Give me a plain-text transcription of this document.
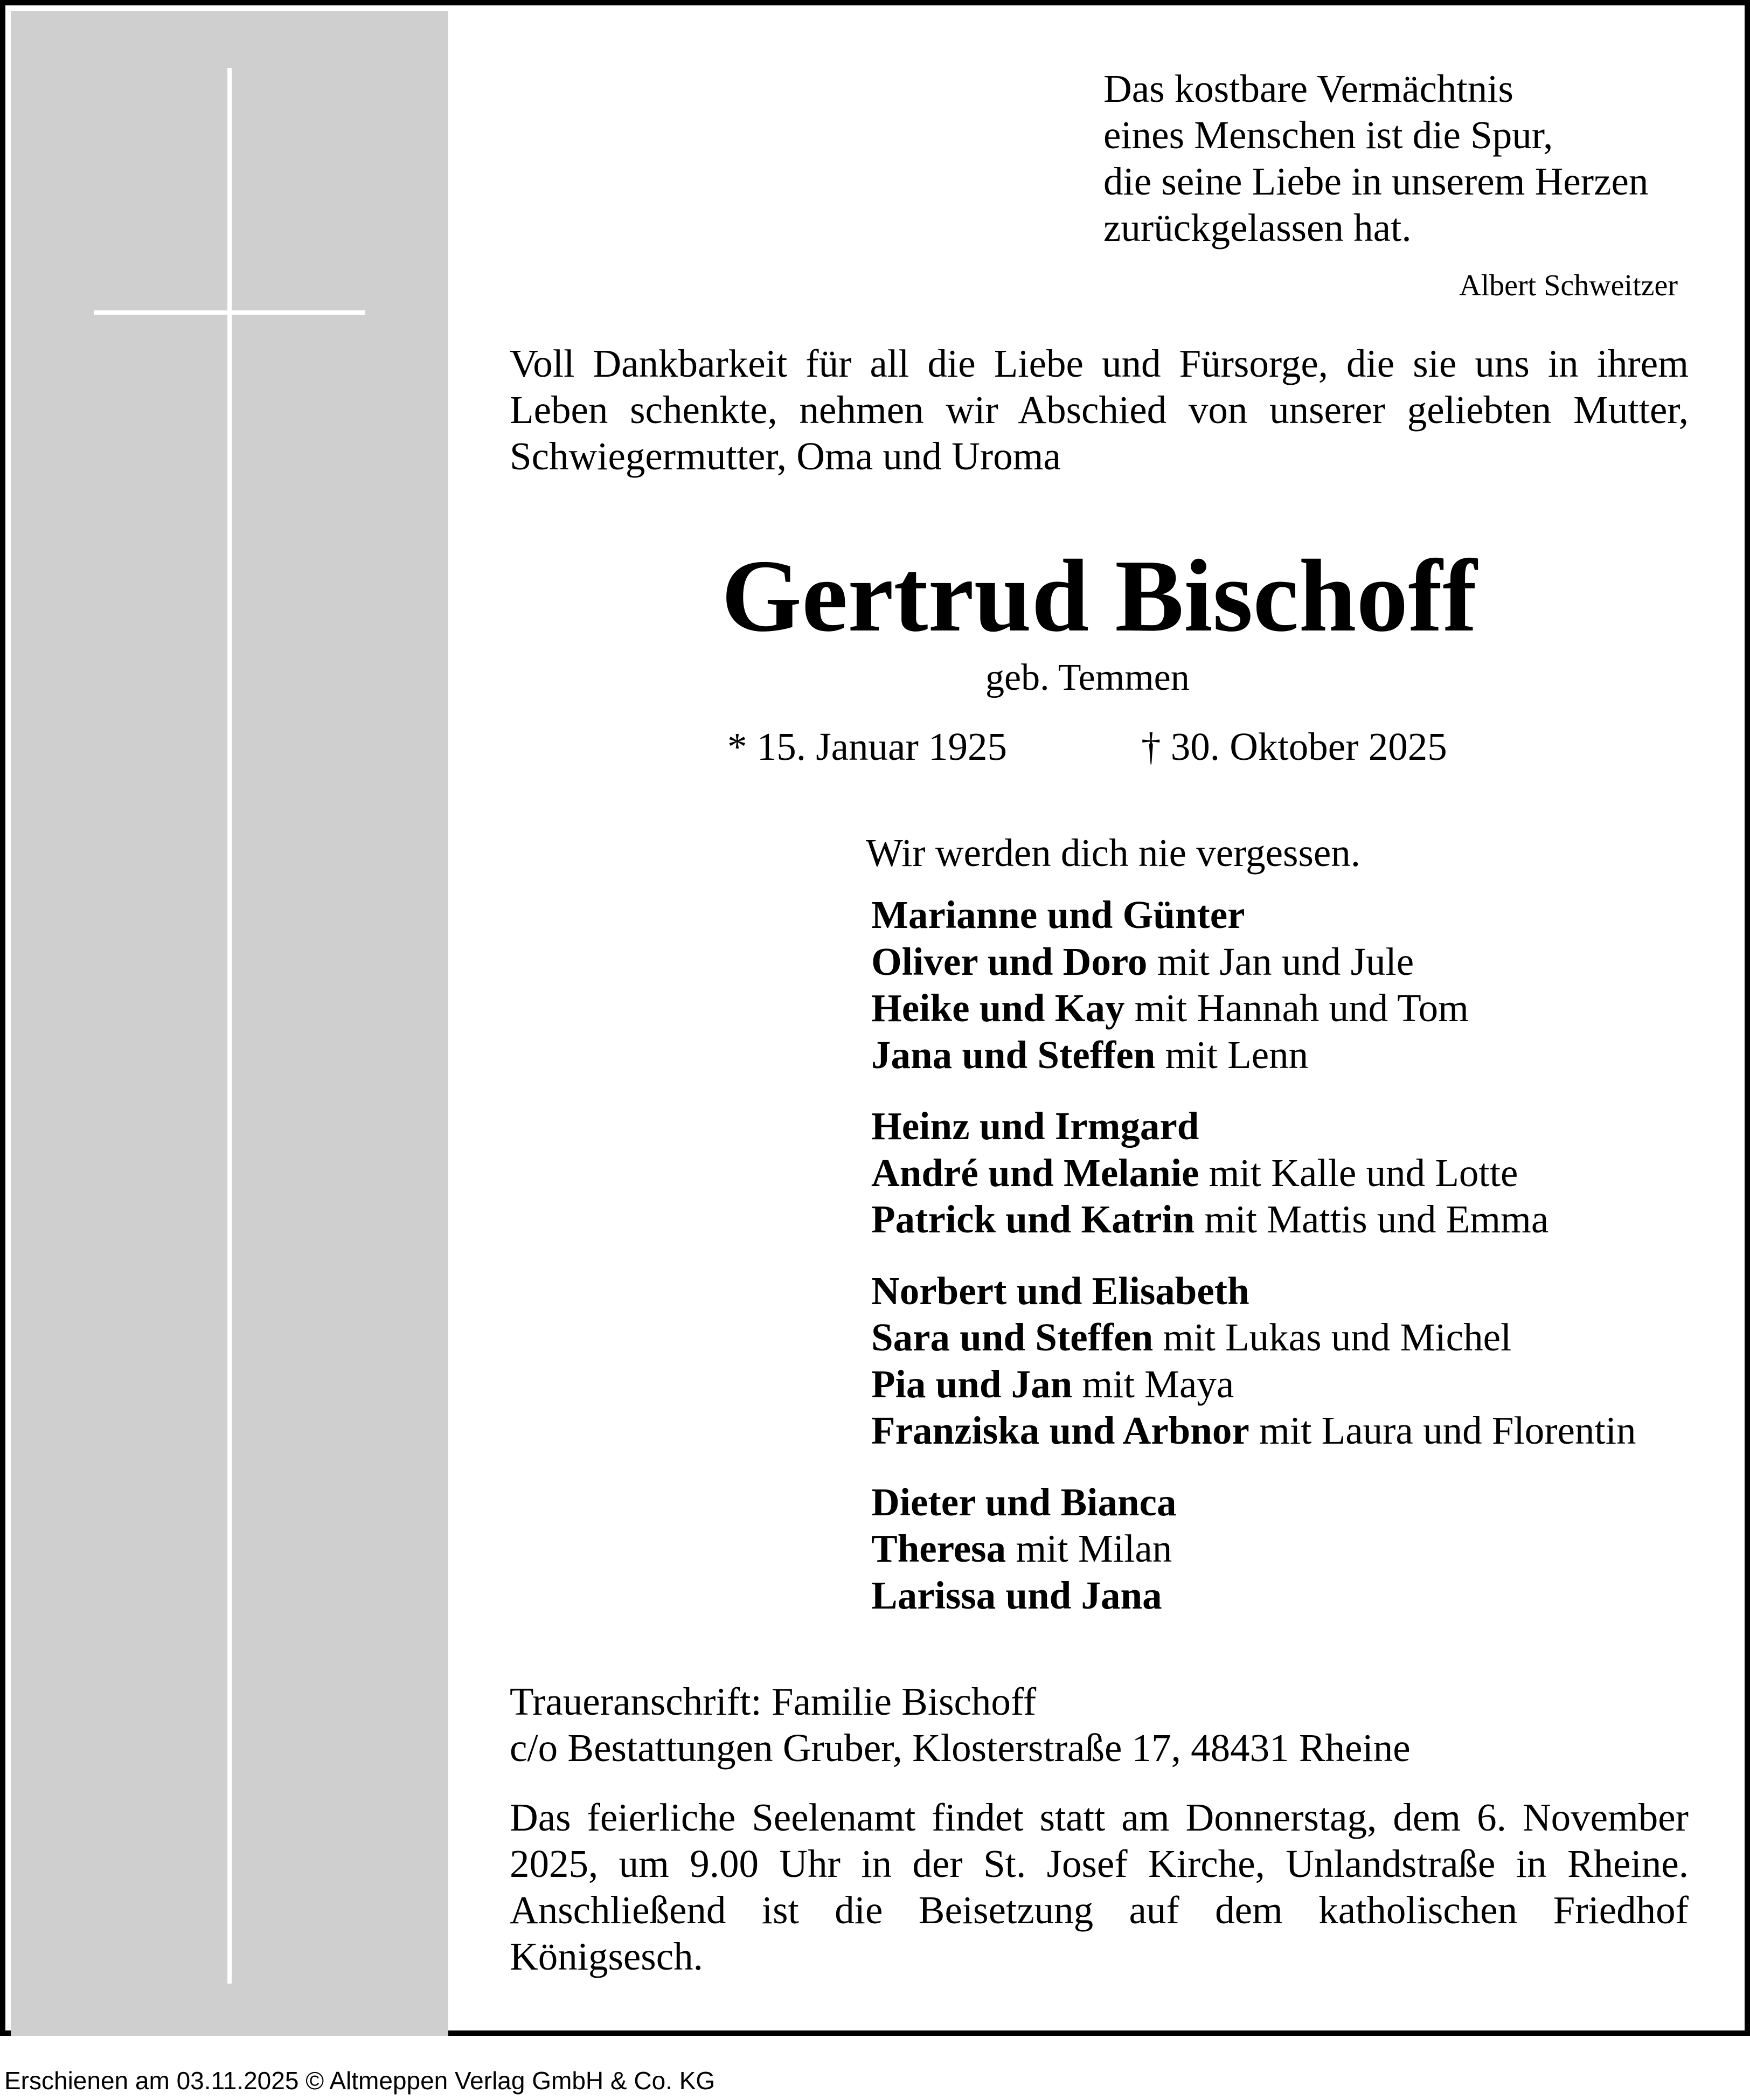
Das kostbare Vermächtnis
eines Menschen ist die Spur,
die seine Liebe in unserem Herzen
zurückgelassen hat.
Albert Schweitzer
Voll Dankbarkeit für all die Liebe und Fürsorge, die sie uns in ihrem Leben schenkte, nehmen wir Abschied von unserer geliebten Mutter, Schwiegermutter, Oma und Uroma
Gertrud Bischoff
geb. Temmen
* 15. Januar 1925	† 30. Oktober 2025
Wir werden dich nie vergessen.
Marianne und Günter
Oliver und Doro mit Jan und Jule
Heike und Kay mit Hannah und Tom
Jana und Steffen mit Lenn
Heinz und Irmgard
André und Melanie mit Kalle und Lotte
Patrick und Katrin mit Mattis und Emma
Norbert und Elisabeth
Sara und Steffen mit Lukas und Michel
Pia und Jan mit Maya
Franziska und Arbnor mit Laura und Florentin
Dieter und Bianca
Theresa mit Milan
Larissa und Jana
Traueranschrift: Familie Bischoff
c/o Bestattungen Gruber, Klosterstraße 17, 48431 Rheine
Das feierliche Seelenamt findet statt am Donnerstag, dem 6. November 2025, um 9.00 Uhr in der St. Josef Kirche, Unlandstraße in Rheine. Anschließend ist die Beisetzung auf dem katholischen Friedhof Königsesch.
Erschienen am 03.11.2025 © Altmeppen Verlag GmbH & Co. KG
